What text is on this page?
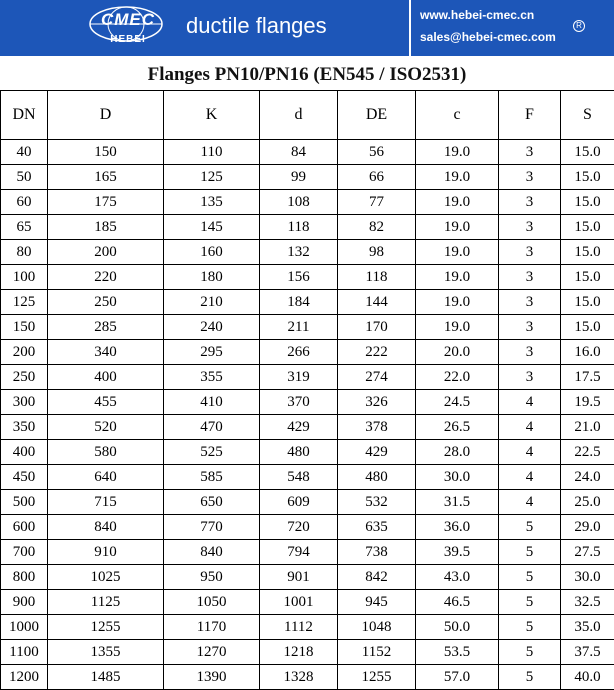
CMEC
HEBEI
ductile flanges	www.hebei-cmec.cn
R
sales@hebei-cmec.com
Flanges PN10/PN16 (EN545 / ISO2531)
DN	D	K	d	DE	c	F	S
40	150	110	84	56	19.0	3	15.0
50	165	125	99	66	19.0	3	15.0
60	175	135	108	77	19.0	3	15.0
65	185	145	118	82	19.0	3	15.0
80	200	160	132	98	19.0	3	15.0
100	220	180	156	118	19.0	3	15.0
125	250	210	184	144	19.0	3	15.0
150	285	240	211	170	19.0	3	15.0
200	340	295	266	222	20.0	3	16.0
250	400	355	319	274	22.0	3	17.5
300	455	410	370	326	24.5	4	19.5
350	520	470	429	378	26.5	4	21.0
400	580	525	480	429	28.0	4	22.5
450	640	585	548	480	30.0	4	24.0
500	715	650	609	532	31.5	4	25.0
600	840	770	720	635	36.0	5	29.0
700	910	840	794	738	39.5	5	27.5
800	1025	950	901	842	43.0	5	30.0
900	1125	1050	1001	945	46.5	5	32.5
1000	1255	1170	1112	1048	50.0	5	35.0
1100	1355	1270	1218	1152	53.5	5	37.5
1200	1485	1390	1328	1255	57.0	5	40.0
